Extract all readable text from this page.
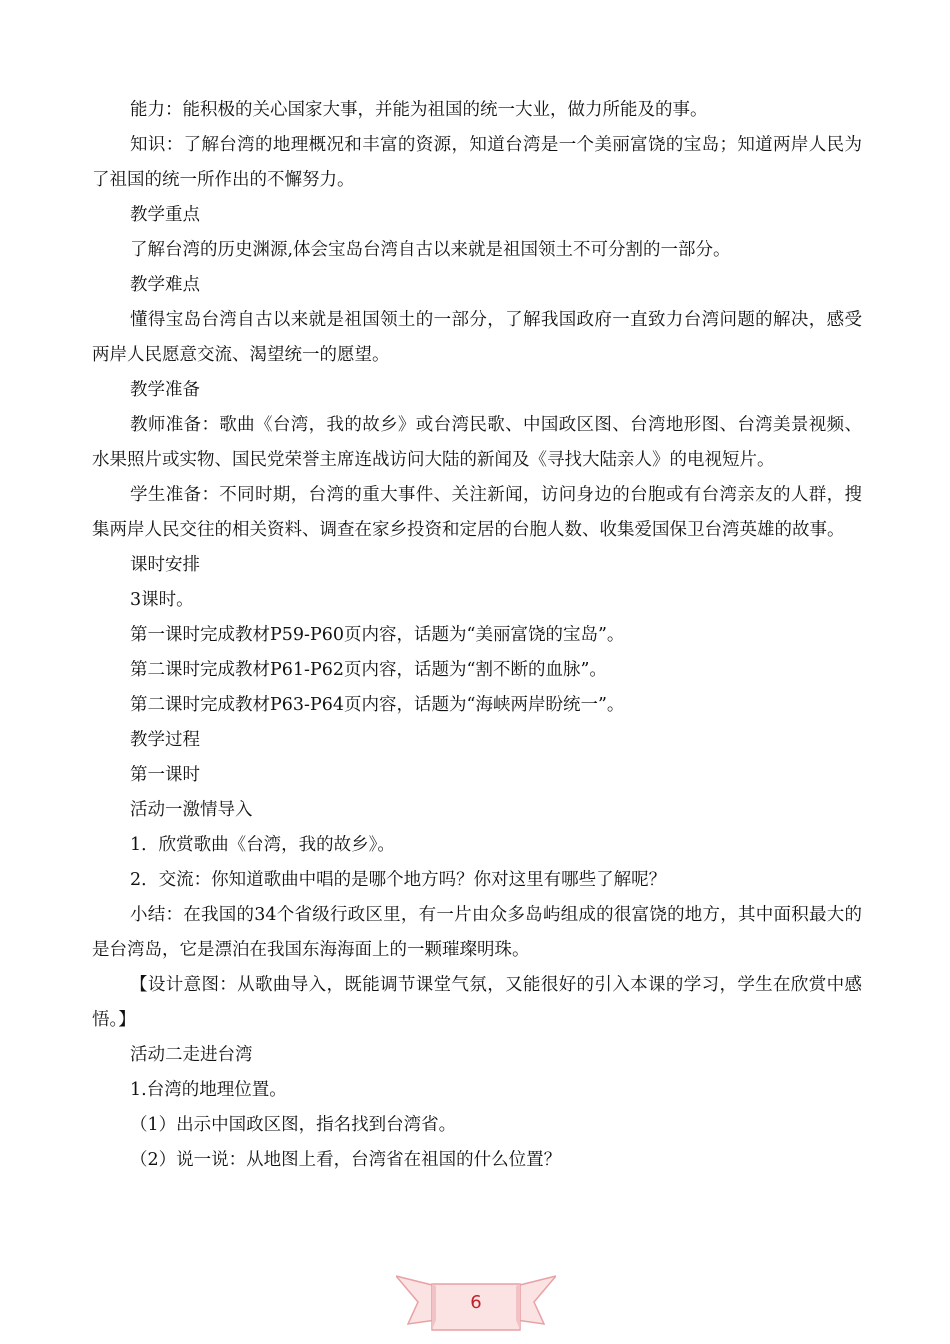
能力：能积极的关心国家大事，并能为祖国的统一大业，做力所能及的事。

知识：了解台湾的地理概况和丰富的资源，知道台湾是一个美丽富饶的宝岛；知道两岸人民为了祖国的统一所作出的不懈努力。

教学重点

了解台湾的历史渊源,体会宝岛台湾自古以来就是祖国领土不可分割的一部分。

教学难点

懂得宝岛台湾自古以来就是祖国领土的一部分，了解我国政府一直致力台湾问题的解决，感受两岸人民愿意交流、渴望统一的愿望。

教学准备

教师准备：歌曲《台湾，我的故乡》或台湾民歌、中国政区图、台湾地形图、台湾美景视频、水果照片或实物、国民党荣誉主席连战访问大陆的新闻及《寻找大陆亲人》的电视短片。

学生准备：不同时期，台湾的重大事件、关注新闻，访问身边的台胞或有台湾亲友的人群，搜集两岸人民交往的相关资料、调查在家乡投资和定居的台胞人数、收集爱国保卫台湾英雄的故事。

课时安排

3课时。

第一课时完成教材P59-P60页内容，话题为“美丽富饶的宝岛”。

第二课时完成教材P61-P62页内容，话题为“割不断的血脉”。

第二课时完成教材P63-P64页内容，话题为“海峡两岸盼统一”。

教学过程

第一课时

活动一激情导入

1．欣赏歌曲《台湾，我的故乡》。

2．交流：你知道歌曲中唱的是哪个地方吗？你对这里有哪些了解呢？

小结：在我国的34个省级行政区里，有一片由众多岛屿组成的很富饶的地方，其中面积最大的是台湾岛，它是漂泊在我国东海海面上的一颗璀璨明珠。

【设计意图：从歌曲导入，既能调节课堂气氛，又能很好的引入本课的学习，学生在欣赏中感悟。】

活动二走进台湾

1.台湾的地理位置。

（1）出示中国政区图，指名找到台湾省。

（2）说一说：从地图上看，台湾省在祖国的什么位置？

6
